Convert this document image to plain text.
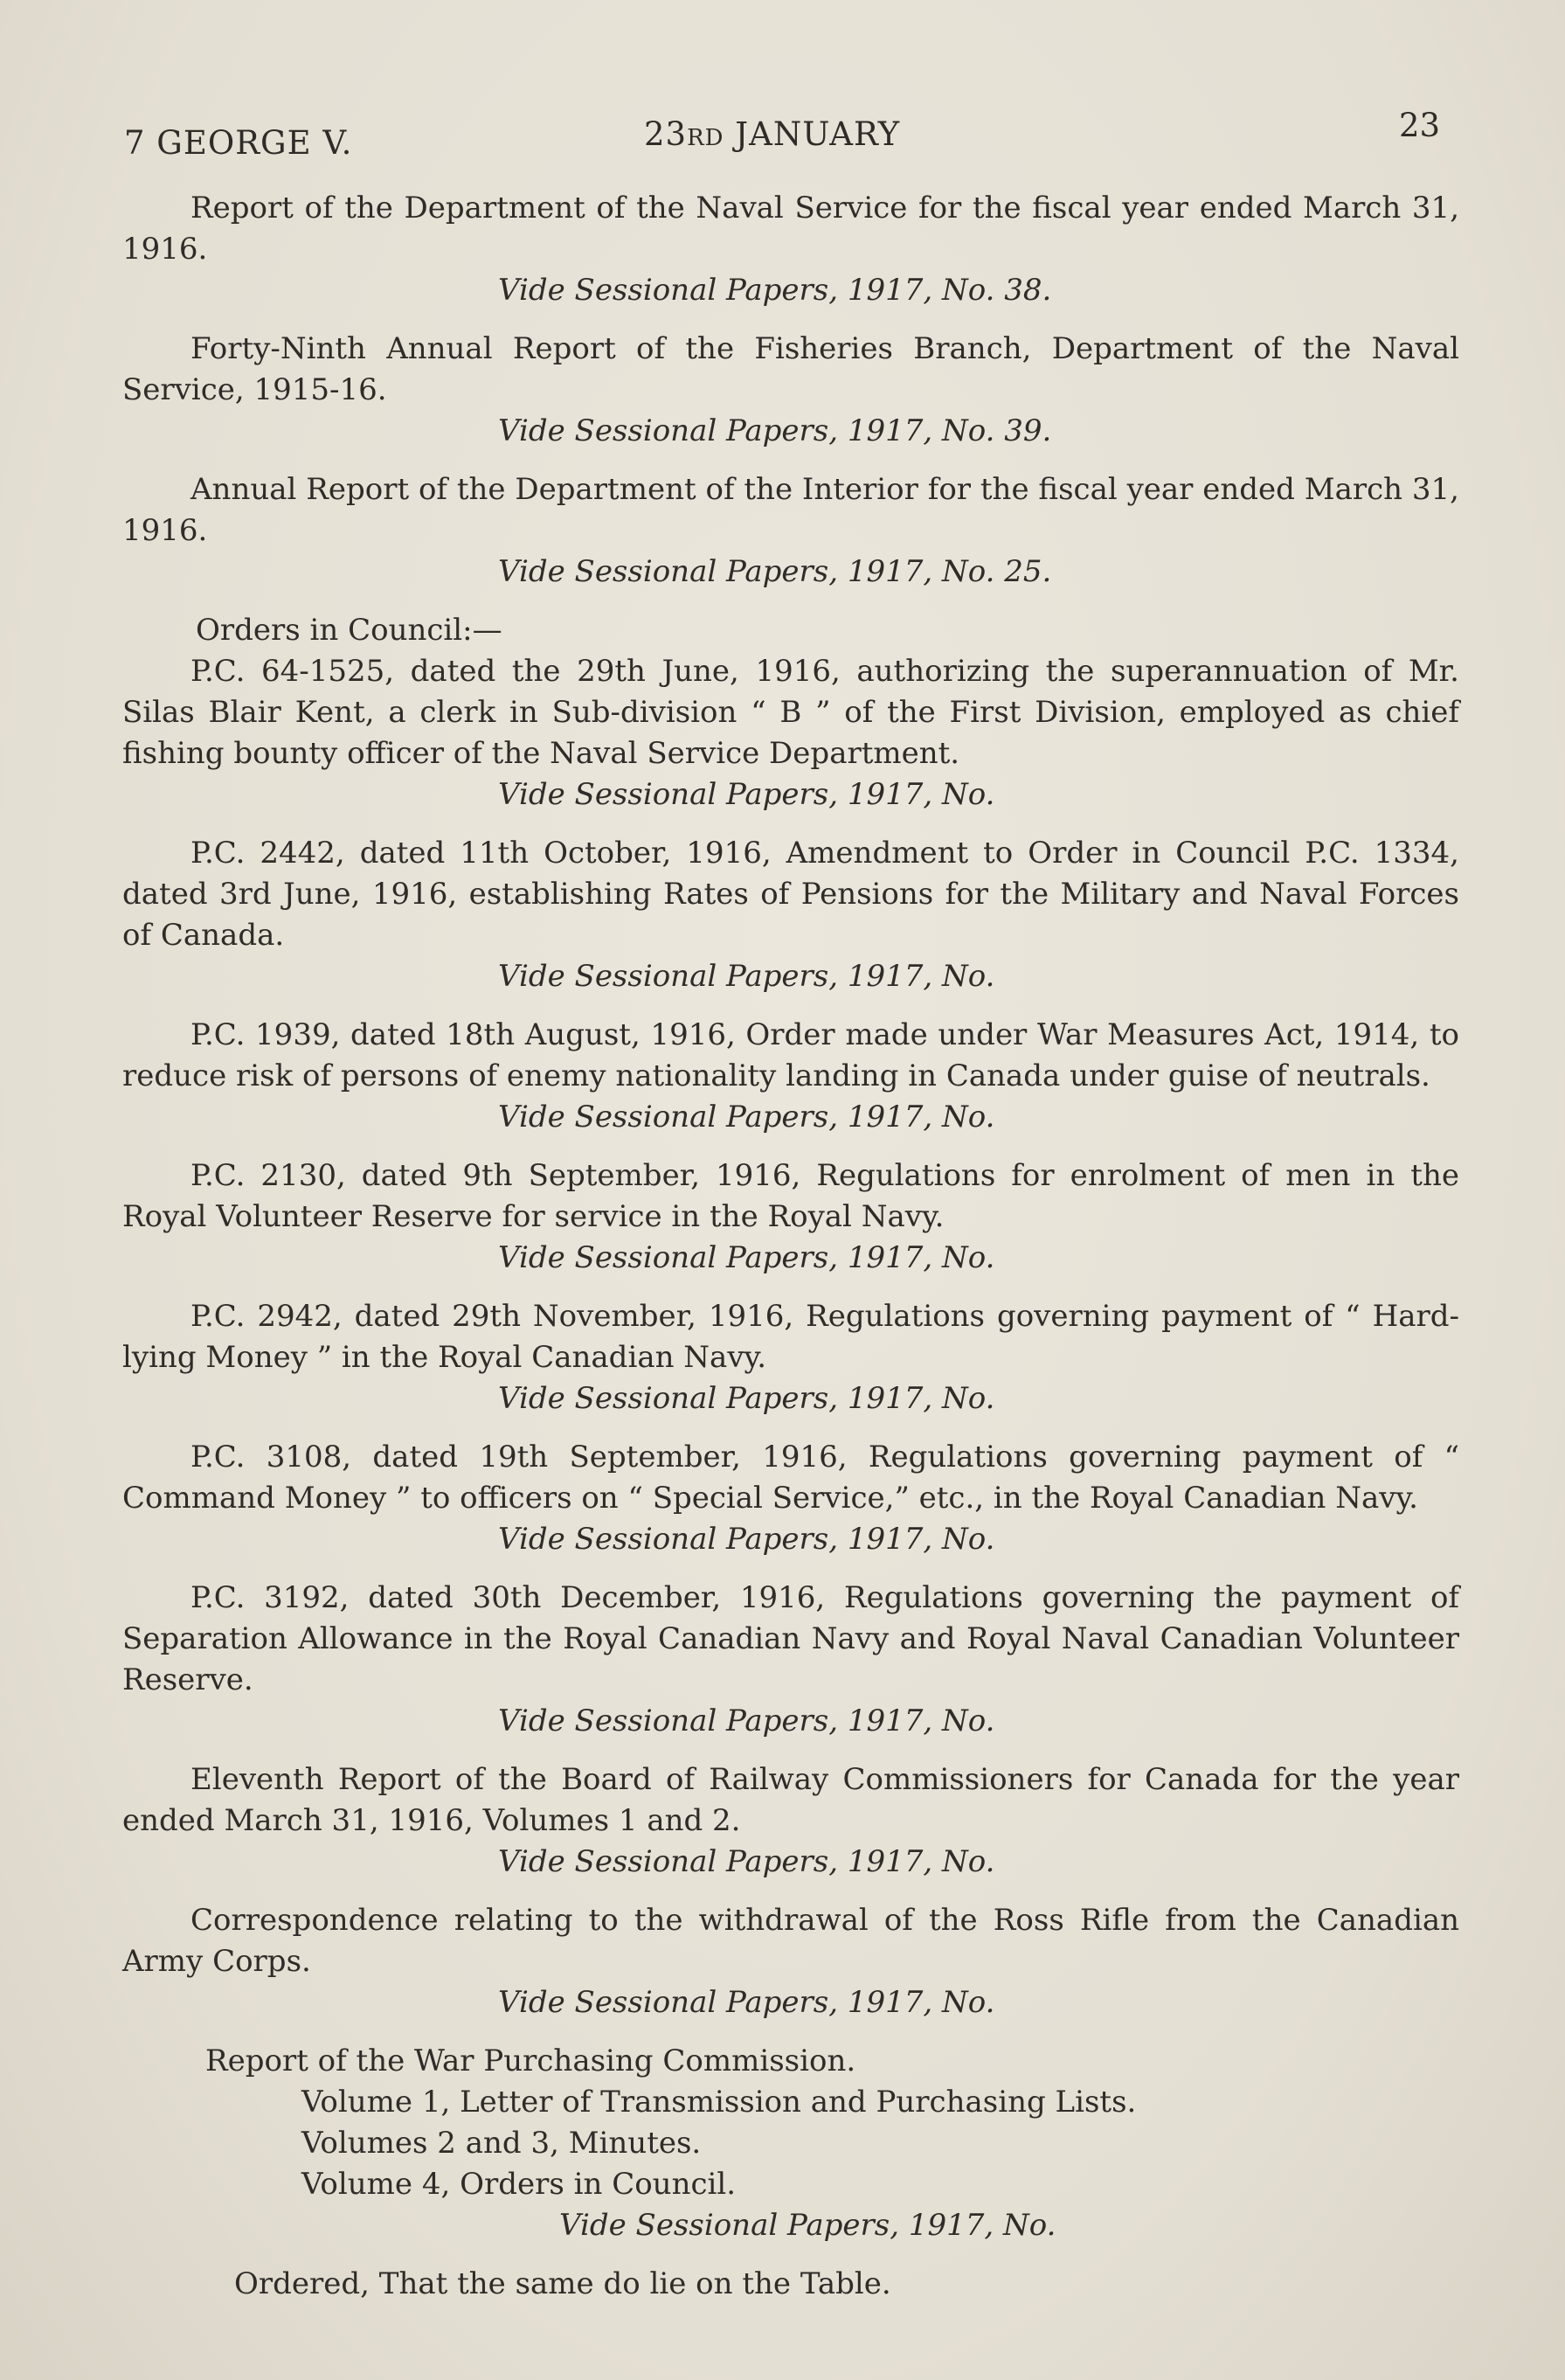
7 GEORGE V.	23RD JANUARY	23
Report of the Department of the Naval Service for the fiscal year ended March 31, 1916.
Vide Sessional Papers, 1917, No. 38.
Forty-Ninth Annual Report of the Fisheries Branch, Department of the Naval Service, 1915-16.
Vide Sessional Papers, 1917, No. 39.
Annual Report of the Department of the Interior for the fiscal year ended March 31, 1916.
Vide Sessional Papers, 1917, No. 25.
Orders in Council:—
P.C. 64-1525, dated the 29th June, 1916, authorizing the superannuation of Mr. Silas Blair Kent, a clerk in Sub-division “ B ” of the First Division, employed as chief fishing bounty officer of the Naval Service Department.
Vide Sessional Papers, 1917, No.
P.C. 2442, dated 11th October, 1916, Amendment to Order in Council P.C. 1334, dated 3rd June, 1916, establishing Rates of Pensions for the Military and Naval Forces of Canada.
Vide Sessional Papers, 1917, No.
P.C. 1939, dated 18th August, 1916, Order made under War Measures Act, 1914, to reduce risk of persons of enemy nationality landing in Canada under guise of neutrals.
Vide Sessional Papers, 1917, No.
P.C. 2130, dated 9th September, 1916, Regulations for enrolment of men in the Royal Volunteer Reserve for service in the Royal Navy.
Vide Sessional Papers, 1917, No.
P.C. 2942, dated 29th November, 1916, Regulations governing payment of “ Hard-lying Money ” in the Royal Canadian Navy.
Vide Sessional Papers, 1917, No.
P.C. 3108, dated 19th September, 1916, Regulations governing payment of “ Command Money ” to officers on “ Special Service,” etc., in the Royal Canadian Navy.
Vide Sessional Papers, 1917, No.
P.C. 3192, dated 30th December, 1916, Regulations governing the payment of Separation Allowance in the Royal Canadian Navy and Royal Naval Canadian Volunteer Reserve.
Vide Sessional Papers, 1917, No.
Eleventh Report of the Board of Railway Commissioners for Canada for the year ended March 31, 1916, Volumes 1 and 2.
Vide Sessional Papers, 1917, No.
Correspondence relating to the withdrawal of the Ross Rifle from the Canadian Army Corps.
Vide Sessional Papers, 1917, No.
Report of the War Purchasing Commission.
Volume 1, Letter of Transmission and Purchasing Lists.
Volumes 2 and 3, Minutes.
Volume 4, Orders in Council.
Vide Sessional Papers, 1917, No.
Ordered, That the same do lie on the Table.
